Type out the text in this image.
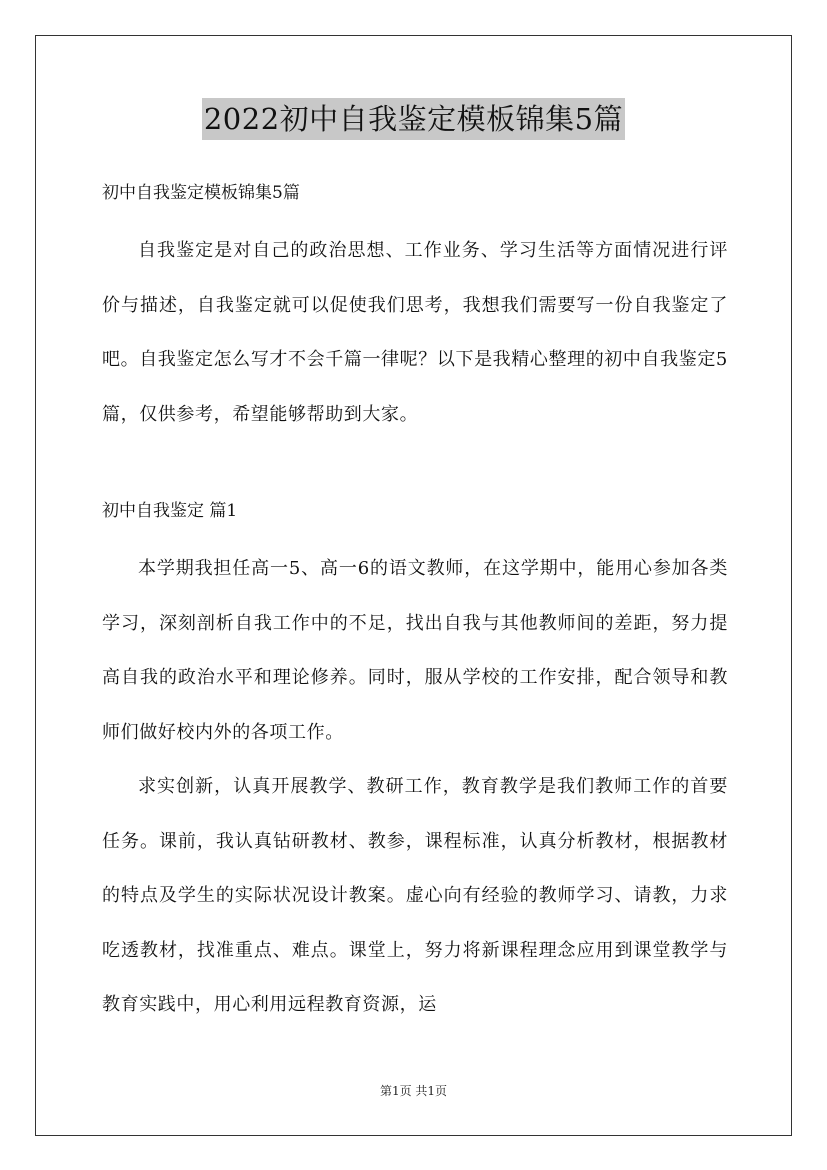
2022初中自我鉴定模板锦集5篇

初中自我鉴定模板锦集5篇

自我鉴定是对自己的政治思想、工作业务、学习生活等方面情况进行评价与描述，自我鉴定就可以促使我们思考，我想我们需要写一份自我鉴定了吧。自我鉴定怎么写才不会千篇一律呢？以下是我精心整理的初中自我鉴定5篇，仅供参考，希望能够帮助到大家。

初中自我鉴定 篇1

本学期我担任高一5、高一6的语文教师，在这学期中，能用心参加各类学习，深刻剖析自我工作中的不足，找出自我与其他教师间的差距，努力提高自我的政治水平和理论修养。同时，服从学校的工作安排，配合领导和教师们做好校内外的各项工作。

求实创新，认真开展教学、教研工作，教育教学是我们教师工作的首要任务。课前，我认真钻研教材、教参，课程标准，认真分析教材，根据教材的特点及学生的实际状况设计教案。虚心向有经验的教师学习、请教，力求吃透教材，找准重点、难点。课堂上，努力将新课程理念应用到课堂教学与教育实践中，用心利用远程教育资源，运

第1页 共1页
